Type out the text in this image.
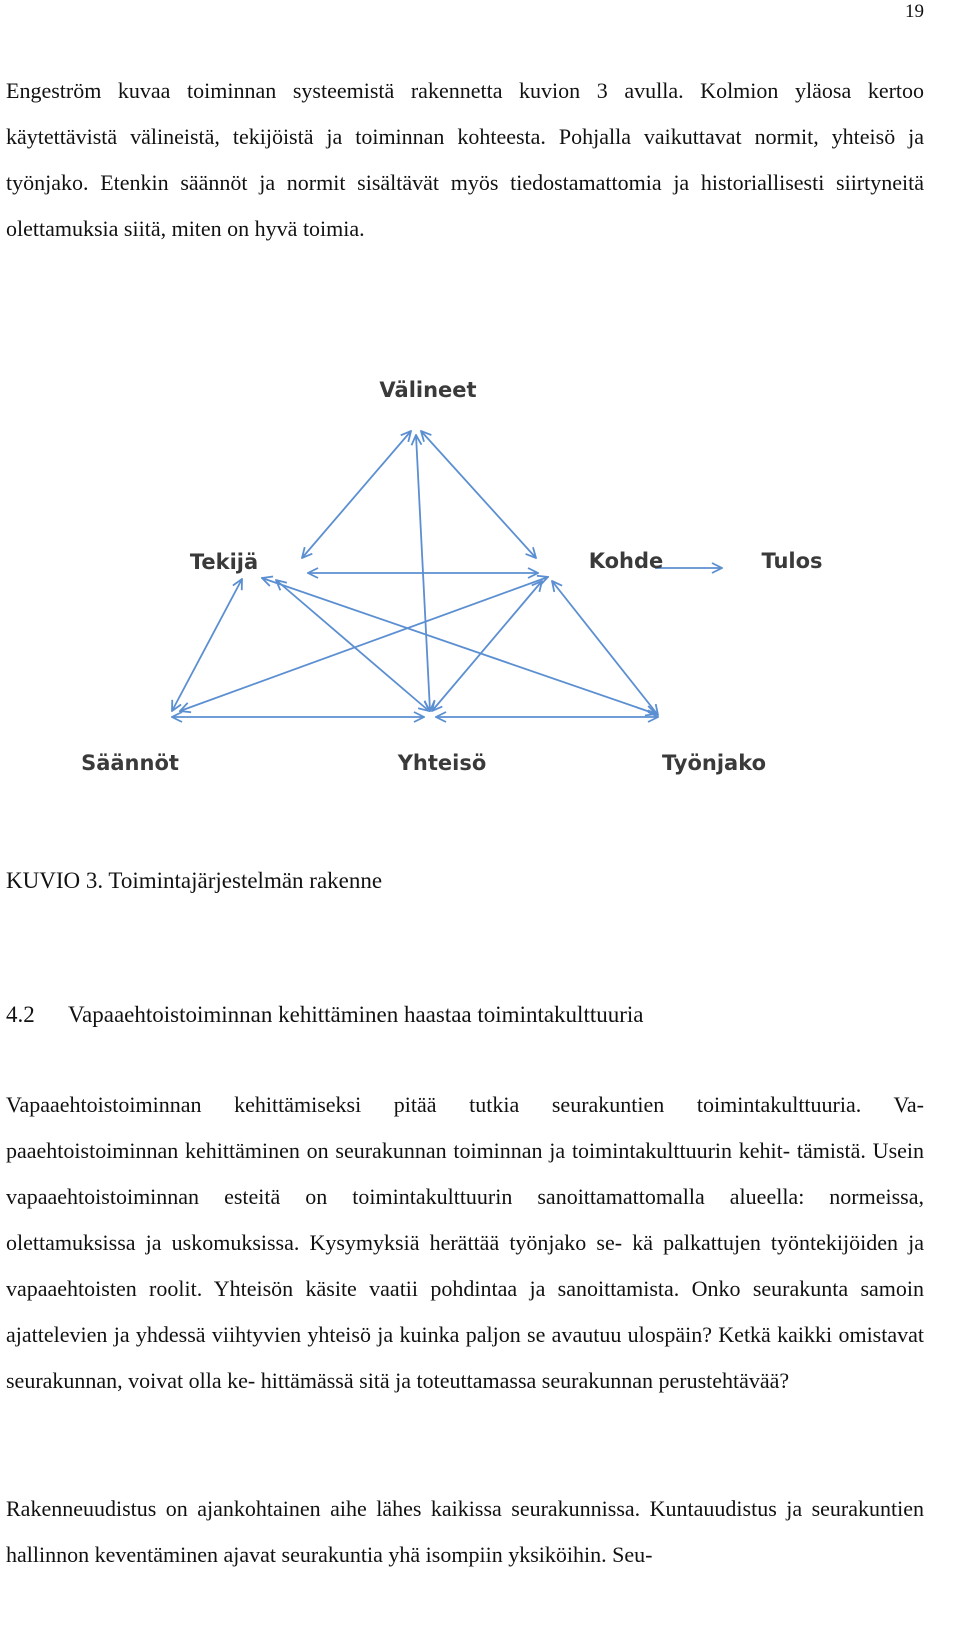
19
Engeström kuvaa toiminnan systeemistä rakennetta kuvion 3 avulla. Kolmion yläosa kertoo käytettävistä välineistä, tekijöistä ja toiminnan kohteesta. Pohjalla vaikuttavat normit, yhteisö ja työnjako. Etenkin säännöt ja normit sisältävät myös tiedostamattomia ja historiallisesti siirtyneitä olettamuksia siitä, miten on hyvä toimia.
Välineet
Tekijä	Kohde	Tulos
Säännöt	Yhteisö	Työnjako
KUVIO 3. Toimintajärjestelmän rakenne
4.2 Vapaaehtoistoiminnan kehittäminen haastaa toimintakulttuuria
Vapaaehtoistoiminnan kehittämiseksi pitää tutkia seurakuntien toimintakulttuuria. Va- paaehtoistoiminnan kehittäminen on seurakunnan toiminnan ja toimintakulttuurin kehit- tämistä. Usein vapaaehtoistoiminnan esteitä on toimintakulttuurin sanoittamattomalla alueella: normeissa, olettamuksissa ja uskomuksissa. Kysymyksiä herättää työnjako se- kä palkattujen työntekijöiden ja vapaaehtoisten roolit. Yhteisön käsite vaatii pohdintaa ja sanoittamista. Onko seurakunta samoin ajattelevien ja yhdessä viihtyvien yhteisö ja kuinka paljon se avautuu ulospäin? Ketkä kaikki omistavat seurakunnan, voivat olla ke- hittämässä sitä ja toteuttamassa seurakunnan perustehtävää?
Rakenneuudistus on ajankohtainen aihe lähes kaikissa seurakunnissa. Kuntauudistus ja seurakuntien hallinnon keventäminen ajavat seurakuntia yhä isompiin yksiköihin. Seu-
